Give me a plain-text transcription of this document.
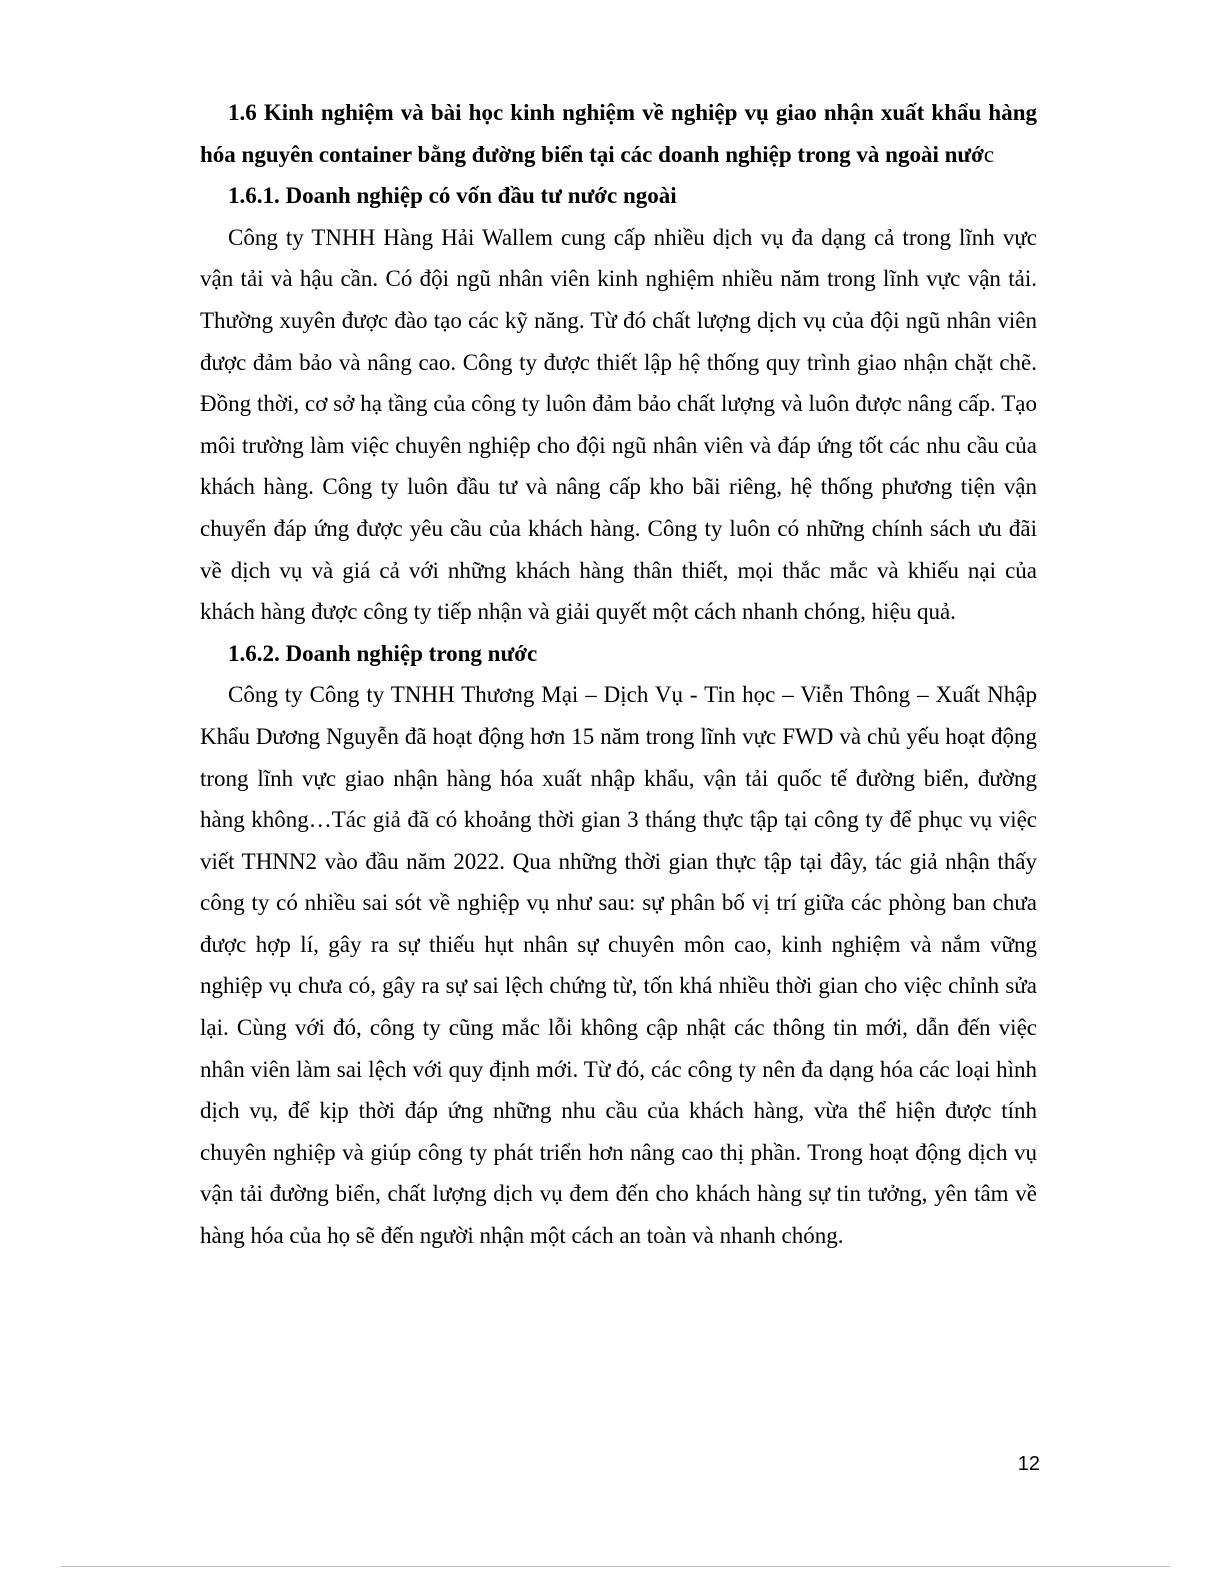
1.6 Kinh nghiệm và bài học kinh nghiệm về nghiệp vụ giao nhận xuất khẩu hàng hóa nguyên container bằng đường biển tại các doanh nghiệp trong và ngoài nước

1.6.1. Doanh nghiệp có vốn đầu tư nước ngoài

Công ty TNHH Hàng Hải Wallem cung cấp nhiều dịch vụ đa dạng cả trong lĩnh vực vận tải và hậu cần. Có đội ngũ nhân viên kinh nghiệm nhiều năm trong lĩnh vực vận tải. Thường xuyên được đào tạo các kỹ năng. Từ đó chất lượng dịch vụ của đội ngũ nhân viên được đảm bảo và nâng cao. Công ty được thiết lập hệ thống quy trình giao nhận chặt chẽ. Đồng thời, cơ sở hạ tầng của công ty luôn đảm bảo chất lượng và luôn được nâng cấp. Tạo môi trường làm việc chuyên nghiệp cho đội ngũ nhân viên và đáp ứng tốt các nhu cầu của khách hàng. Công ty luôn đầu tư và nâng cấp kho bãi riêng, hệ thống phương tiện vận chuyển đáp ứng được yêu cầu của khách hàng. Công ty luôn có những chính sách ưu đãi về dịch vụ và giá cả với những khách hàng thân thiết, mọi thắc mắc và khiếu nại của khách hàng được công ty tiếp nhận và giải quyết một cách nhanh chóng, hiệu quả.

1.6.2. Doanh nghiệp trong nước

Công ty Công ty TNHH Thương Mại – Dịch Vụ - Tin học – Viễn Thông – Xuất Nhập Khẩu Dương Nguyễn đã hoạt động hơn 15 năm trong lĩnh vực FWD và chủ yếu hoạt động trong lĩnh vực giao nhận hàng hóa xuất nhập khẩu, vận tải quốc tế đường biển, đường hàng không…Tác giả đã có khoảng thời gian 3 tháng thực tập tại công ty để phục vụ việc viết THNN2 vào đầu năm 2022. Qua những thời gian thực tập tại đây, tác giả nhận thấy công ty có nhiều sai sót về nghiệp vụ như sau: sự phân bố vị trí giữa các phòng ban chưa được hợp lí, gây ra sự thiếu hụt nhân sự chuyên môn cao, kinh nghiệm và nắm vững nghiệp vụ chưa có, gây ra sự sai lệch chứng từ, tốn khá nhiều thời gian cho việc chỉnh sửa lại. Cùng với đó, công ty cũng mắc lỗi không cập nhật các thông tin mới, dẫn đến việc nhân viên làm sai lệch với quy định mới. Từ đó, các công ty nên đa dạng hóa các loại hình dịch vụ, để kịp thời đáp ứng những nhu cầu của khách hàng, vừa thể hiện được tính chuyên nghiệp và giúp công ty phát triển hơn nâng cao thị phần. Trong hoạt động dịch vụ vận tải đường biển, chất lượng dịch vụ đem đến cho khách hàng sự tin tưởng, yên tâm về hàng hóa của họ sẽ đến người nhận một cách an toàn và nhanh chóng.

12
